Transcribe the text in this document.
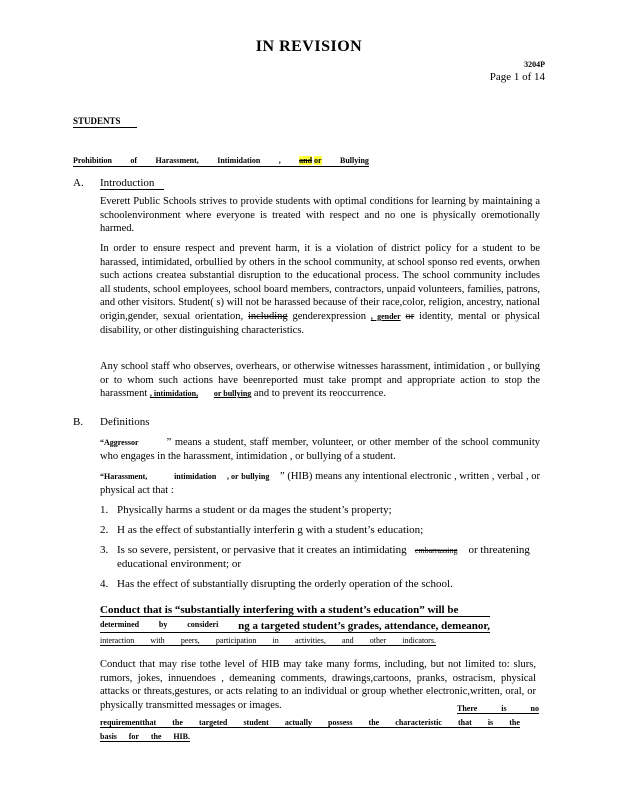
IN REVISION
3204P
Page 1 of 14
STUDENTS
Prohibition of Harassment, Intimidation , and or Bullying
A. Introduction
Everett Public Schools strives to provide students with optimal conditions for learning by maintaining a schoolenvironment where everyone is treated with respect and no one is physically oremotionally harmed.
In order to ensure respect and prevent harm, it is a violation of district policy for a student to be harassed, intimidated, orbullied by others in the school community, at school sponso red events, orwhen such actions createa substantial disruption to the educational process. The school community includes all students, school employees, school board members, contractors, unpaid volunteers, families, patrons, and other visitors. Student( s) will not be harassed because of their race,color, religion, ancestry, national origin,gender, sexual orientation, including genderexpression , gender or identity, mental or physical disability, or other distinguishing characteristics.
Any school staff who observes, overhears, or otherwise witnesses harassment, intimidation , or bullying or to whom such actions have beenreported must take prompt and appropriate action to stop the harassment , intimidation, or bullying and to prevent its reoccurrence.
B. Definitions
“Aggressor	” means a student, staff member, volunteer, or other member of the school community who engages in the harassment, intimidation , or bullying of a student.
“Harassment,	intimidation , or bullying ” (HIB) means any intentional electronic , written , verbal , or physical act that :
1. Physically harms a student or da mages the student’s property;
2. H as the effect of substantially interferin g with a student’s education;
3. Is so severe, persistent, or pervasive that it creates an intimidating embarrassing or threatening educational environment; or
4. Has the effect of substantially disrupting the orderly operation of the school.
Conduct that is “substantially interfering with a student’s education” will be
determined by consideri ng a targeted student’s grades, attendance, demeanor,
interaction with peers, participation in activities, and other indicators.
Conduct that may rise tothe level of HIB may take many forms, including, but not limited to: slurs, rumors, jokes, innuendoes , demeaning comments, drawings,cartoons, pranks, ostracism, physical attacks or threats,gestures, or acts relating to an individual or group whether electronic,written, oral, or physically transmitted messages or images.	There	is	no
requirementthat the targeted student actually possess the characteristic that is the
basis for the HIB.
